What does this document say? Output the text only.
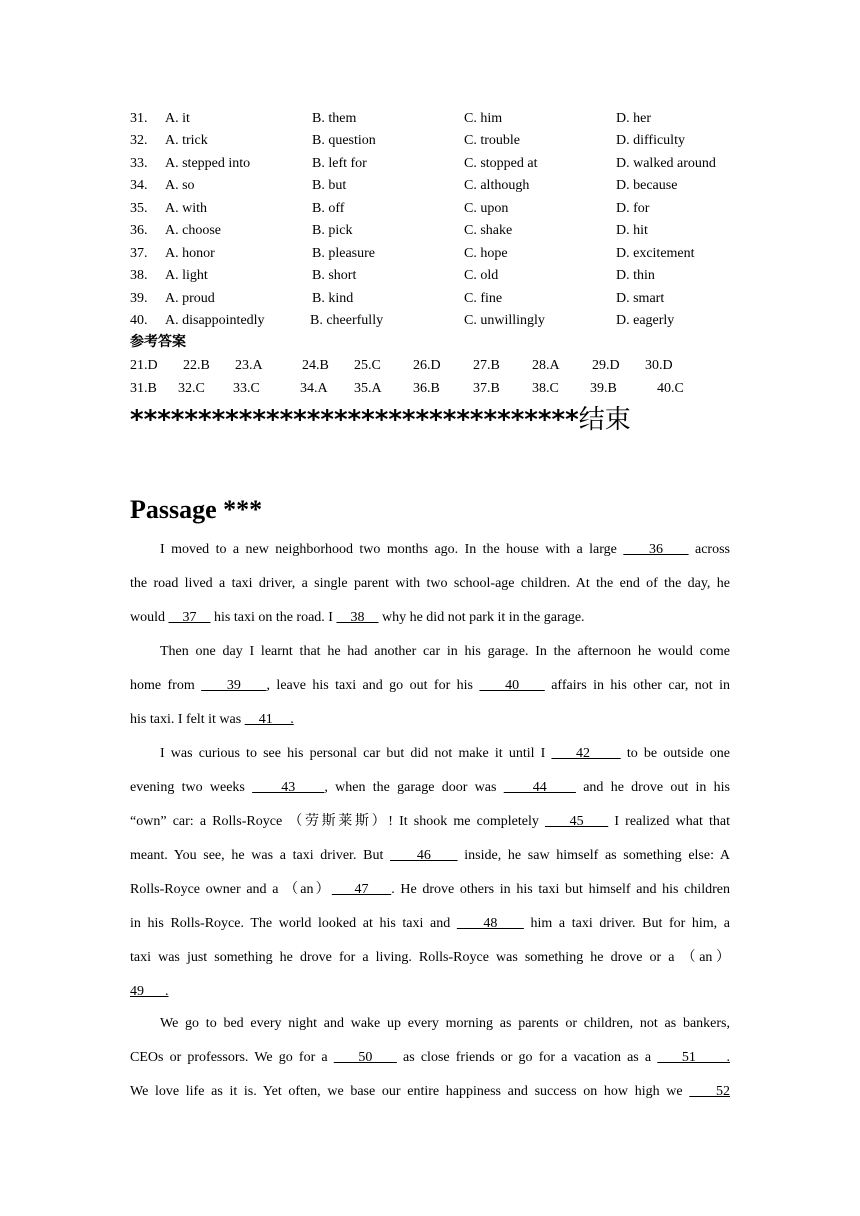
31. A. it	B. them	C. him	D. her
32. A. trick	B. question	C. trouble	D. difficulty
33. A. stepped into	B. left for	C. stopped at	D. walked around
34. A. so	B. but	C. although	D. because
35. A. with	B. off	C. upon	D. for
36. A. choose	B. pick	C. shake	D. hit
37. A. honor	B. pleasure	C. hope	D. excitement
38. A. light	B. short	C. old	D. thin
39. A. proud	B. kind	C. fine	D. smart
40. A. disappointedly	B. cheerfully	C. unwillingly	D. eagerly
参考答案
21.D 22.B 23.A	24.B 25.C 26.D 27.B 28.A 29.D 30.D
31.B 32.C 33.C	34.A 35.A 36.B 37.B 38.C 39.B	40.C
*********************************结束
Passage ***
I moved to a new neighborhood two months ago. In the house with a large     36     across
the road lived a taxi driver, a single parent with two school-age children. At the end of the day, he
would     37     his taxi on the road. I     38     why he did not park it in the garage.
Then one day I learnt that he had another car in his garage. In the afternoon he would come
home from     39    , leave his taxi and go out for his     40     affairs in his other car, not in
his taxi. I felt it was     41     .
I was curious to see his personal car but did not make it until I     42      to be outside one
evening two weeks     43    , when the garage door was     44     and he drove out in his
“own” car: a Rolls-Royce （劳斯莱斯）! It shook me completely     45     I realized what that
meant. You see, he was a taxi driver. But     46     inside, he saw himself as something else: A
Rolls-Royce owner and a （an）    47    . He drove others in his taxi but himself and his children
in his Rolls-Royce. The world looked at his taxi and     48     him a taxi driver. But for him, a
taxi was just something he drove for a living. Rolls-Royce was something he drove or a （an）
49      .
We go to bed every night and wake up every morning as parents or children, not as bankers,
CEOs or professors. We go for a     50     as close friends or go for a vacation as a     51     .
We love life as it is. Yet often, we base our entire happiness and success on how high we     52
